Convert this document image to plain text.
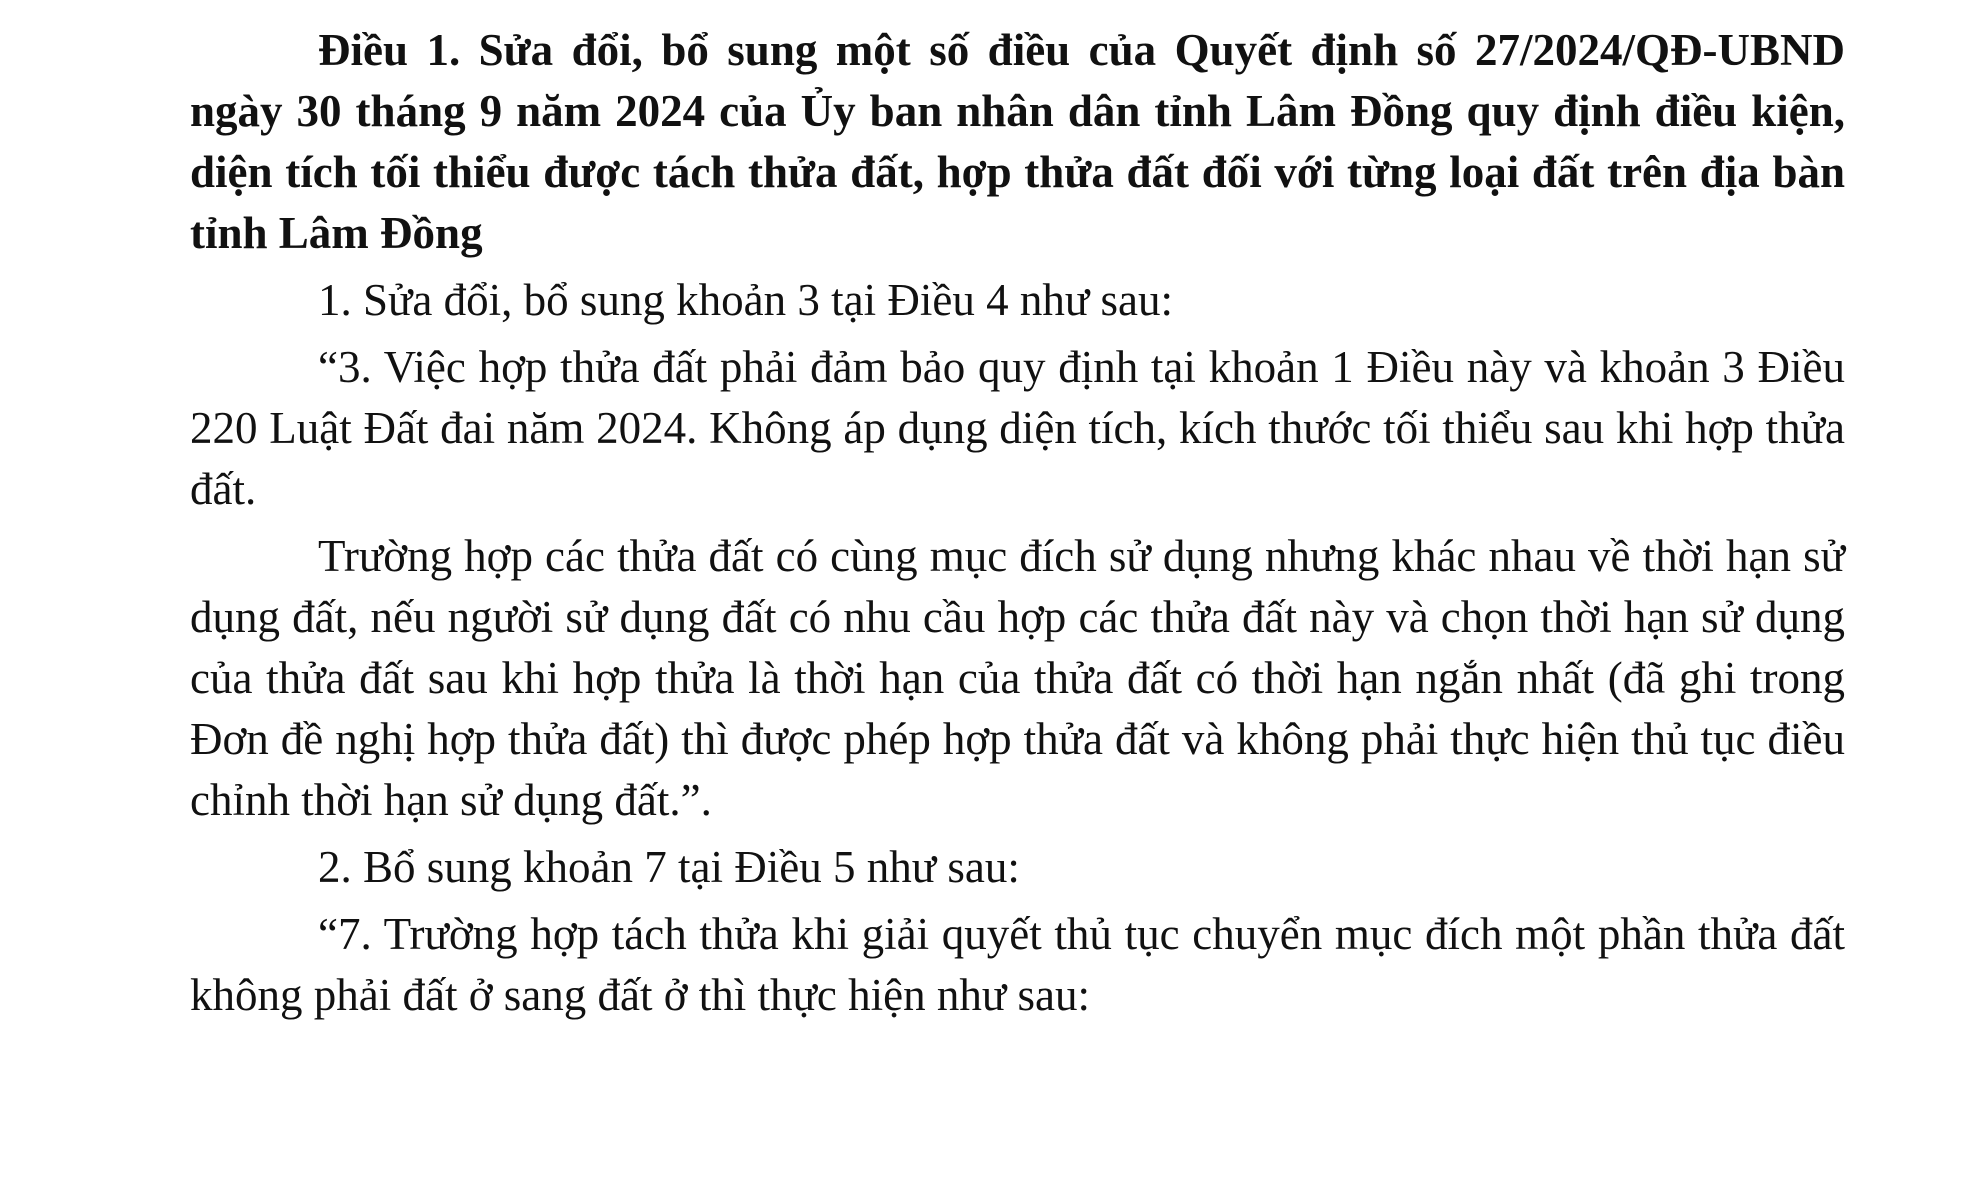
Điều 1. Sửa đổi, bổ sung một số điều của Quyết định số 27/2024/QĐ-UBND ngày 30 tháng 9 năm 2024 của Ủy ban nhân dân tỉnh Lâm Đồng quy định điều kiện, diện tích tối thiểu được tách thửa đất, hợp thửa đất đối với từng loại đất trên địa bàn tỉnh Lâm Đồng

1. Sửa đổi, bổ sung khoản 3 tại Điều 4 như sau:

“3. Việc hợp thửa đất phải đảm bảo quy định tại khoản 1 Điều này và khoản 3 Điều 220 Luật Đất đai năm 2024. Không áp dụng diện tích, kích thước tối thiểu sau khi hợp thửa đất.

Trường hợp các thửa đất có cùng mục đích sử dụng nhưng khác nhau về thời hạn sử dụng đất, nếu người sử dụng đất có nhu cầu hợp các thửa đất này và chọn thời hạn sử dụng của thửa đất sau khi hợp thửa là thời hạn của thửa đất có thời hạn ngắn nhất (đã ghi trong Đơn đề nghị hợp thửa đất) thì được phép hợp thửa đất và không phải thực hiện thủ tục điều chỉnh thời hạn sử dụng đất.”.

2. Bổ sung khoản 7 tại Điều 5 như sau:

“7. Trường hợp tách thửa khi giải quyết thủ tục chuyển mục đích một phần thửa đất không phải đất ở sang đất ở thì thực hiện như sau:
